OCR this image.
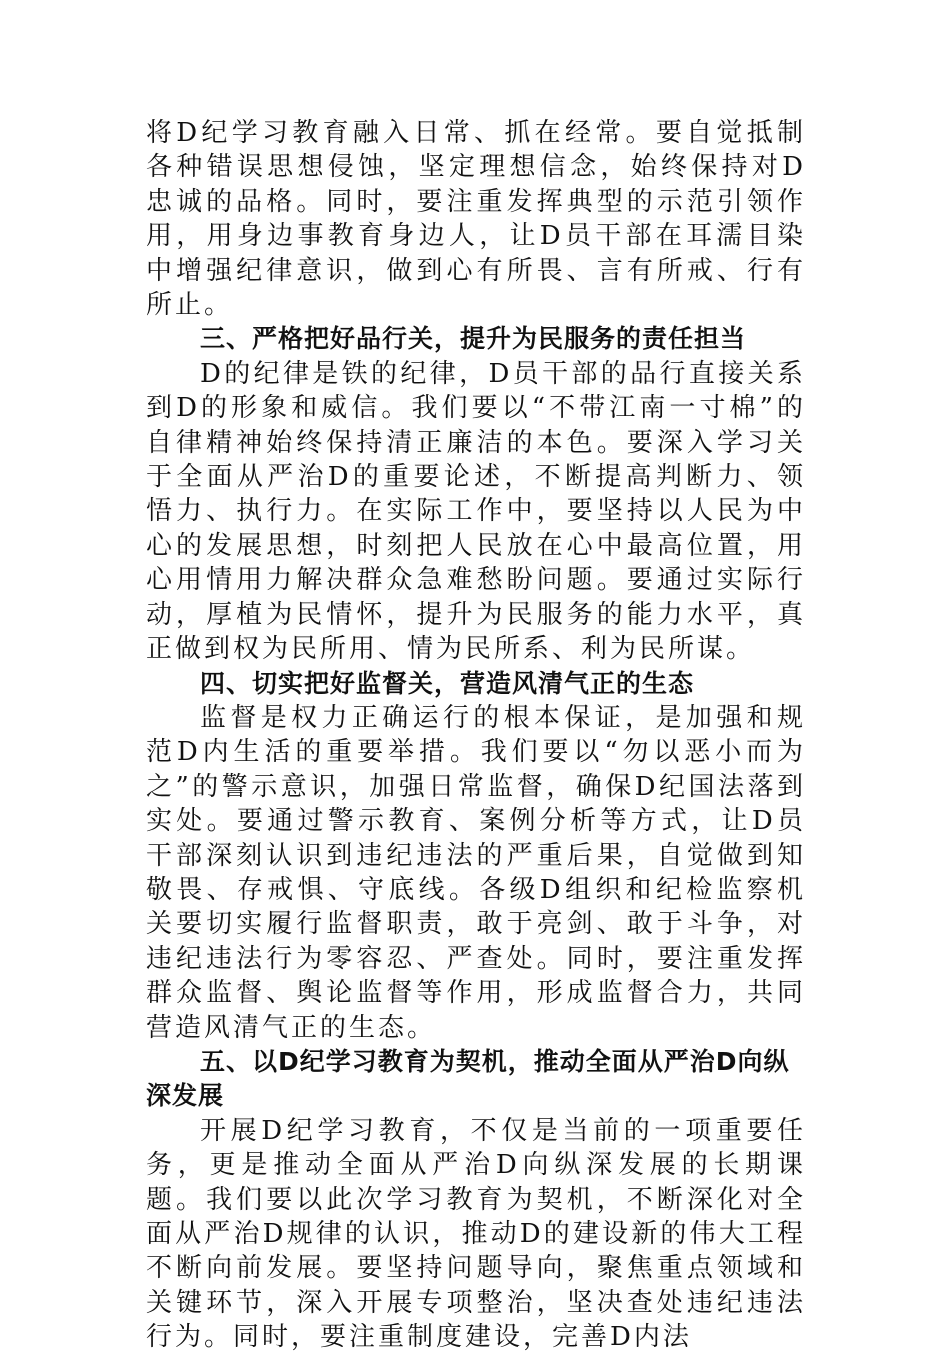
将D纪学习教育融入日常、抓在经常。要自觉抵制各种错误思想侵蚀，坚定理想信念，始终保持对D忠诚的品格。同时，要注重发挥典型的示范引领作用，用身边事教育身边人，让D员干部在耳濡目染中增强纪律意识，做到心有所畏、言有所戒、行有所止。

三、严格把好品行关，提升为民服务的责任担当

D的纪律是铁的纪律，D员干部的品行直接关系到D的形象和威信。我们要以“不带江南一寸棉”的自律精神始终保持清正廉洁的本色。要深入学习关于全面从严治D的重要论述，不断提高判断力、领悟力、执行力。在实际工作中，要坚持以人民为中心的发展思想，时刻把人民放在心中最高位置，用心用情用力解决群众急难愁盼问题。要通过实际行动，厚植为民情怀，提升为民服务的能力水平，真正做到权为民所用、情为民所系、利为民所谋。

四、切实把好监督关，营造风清气正的生态

监督是权力正确运行的根本保证，是加强和规范D内生活的重要举措。我们要以“勿以恶小而为之”的警示意识，加强日常监督，确保D纪国法落到实处。要通过警示教育、案例分析等方式，让D员干部深刻认识到违纪违法的严重后果，自觉做到知敬畏、存戒惧、守底线。各级D组织和纪检监察机关要切实履行监督职责，敢于亮剑、敢于斗争，对违纪违法行为零容忍、严查处。同时，要注重发挥群众监督、舆论监督等作用，形成监督合力，共同营造风清气正的生态。

五、以D纪学习教育为契机，推动全面从严治D向纵深发展

开展D纪学习教育，不仅是当前的一项重要任务，更是推动全面从严治D向纵深发展的长期课题。我们要以此次学习教育为契机，不断深化对全面从严治D规律的认识，推动D的建设新的伟大工程不断向前发展。要坚持问题导向，聚焦重点领域和关键环节，深入开展专项整治，坚决查处违纪违法行为。同时，要注重制度建设，完善D内法
